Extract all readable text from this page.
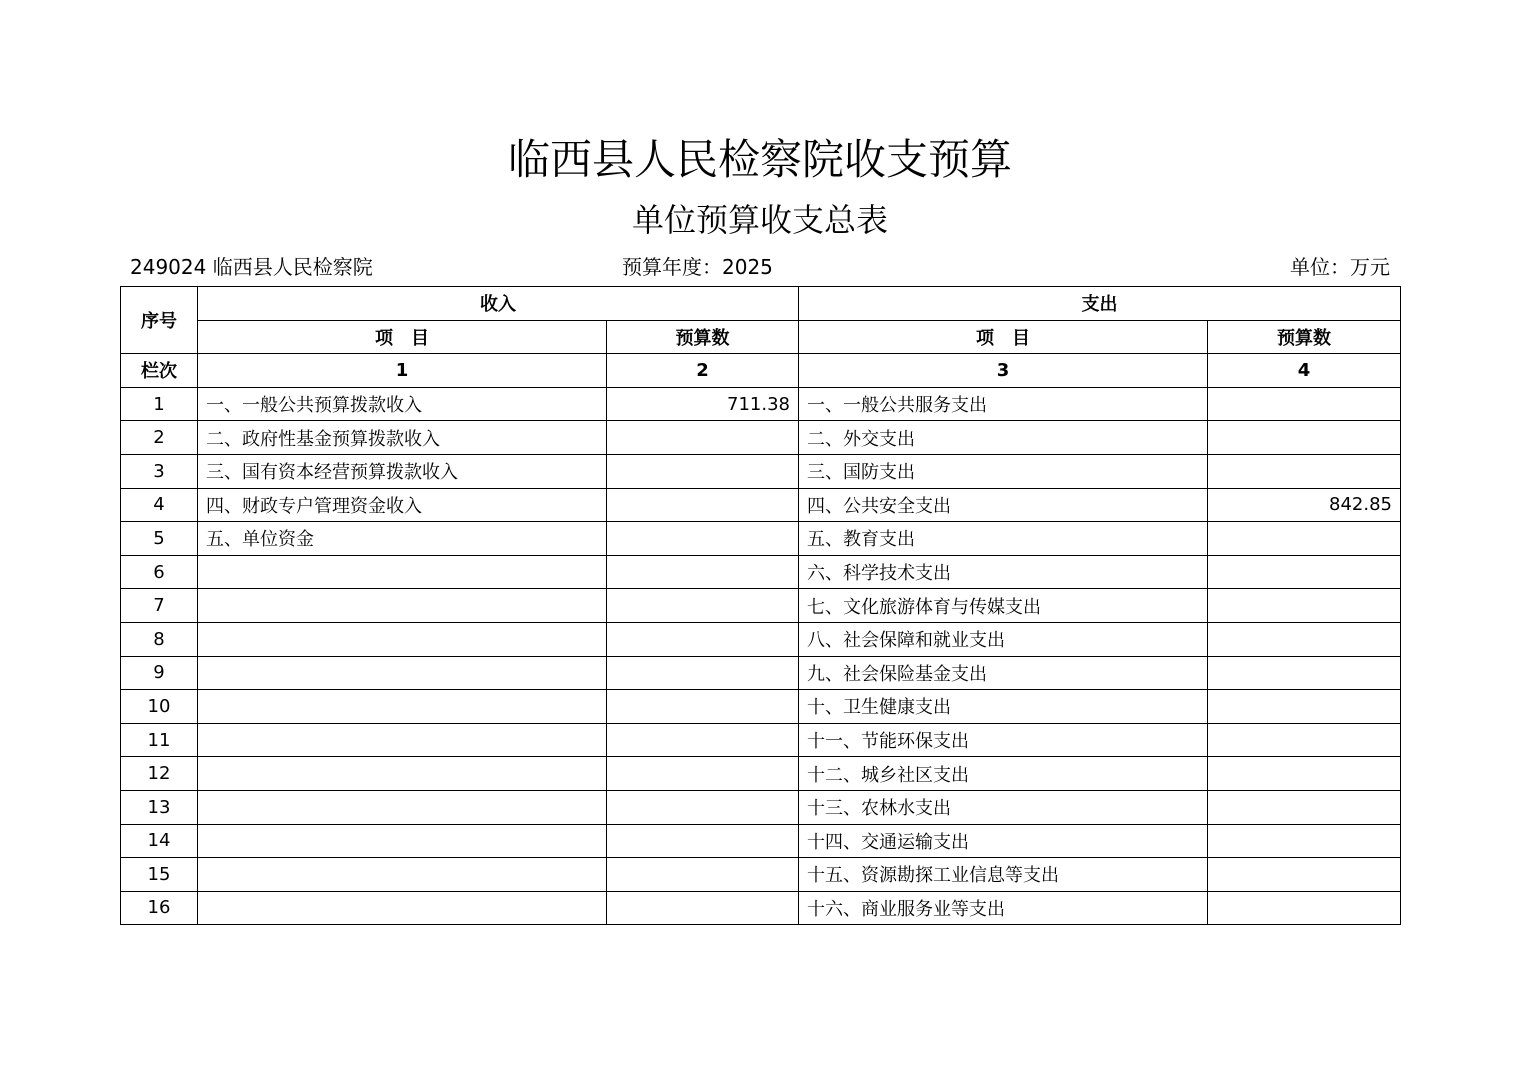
临西县人民检察院收支预算
单位预算收支总表
249024 临西县人民检察院	预算年度：2025	单位：万元
序号	收入		支出	
	项　目	预算数	项　目	预算数
栏次	1	2	3	4
1	一、一般公共预算拨款收入	711.38	一、一般公共服务支出	
2	二、政府性基金预算拨款收入		二、外交支出	
3	三、国有资本经营预算拨款收入		三、国防支出	
4	四、财政专户管理资金收入		四、公共安全支出	842.85
5	五、单位资金		五、教育支出	
6			六、科学技术支出	
7			七、文化旅游体育与传媒支出	
8			八、社会保障和就业支出	
9			九、社会保险基金支出	
10			十、卫生健康支出	
11			十一、节能环保支出	
12			十二、城乡社区支出	
13			十三、农林水支出	
14			十四、交通运输支出	
15			十五、资源勘探工业信息等支出	
16			十六、商业服务业等支出	
